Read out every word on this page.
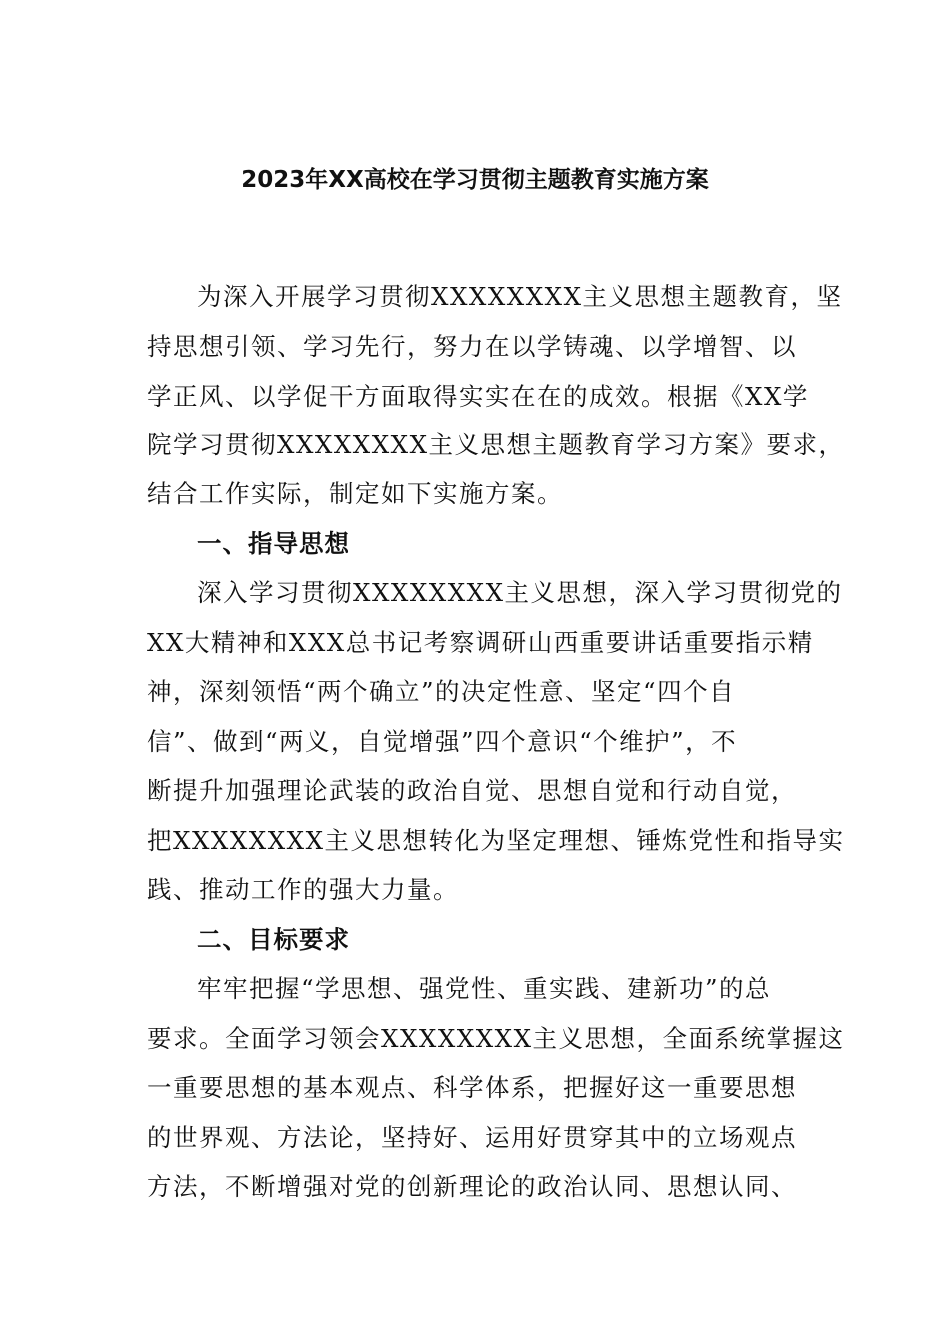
2023年XX高校在学习贯彻主题教育实施方案
为深入开展学习贯彻XXXXXXXX主义思想主题教育，坚
持思想引领、学习先行，努力在以学铸魂、以学增智、以
学正风、以学促干方面取得实实在在的成效。根据《XX学
院学习贯彻XXXXXXXX主义思想主题教育学习方案》要求，
结合工作实际，制定如下实施方案。
一、指导思想
深入学习贯彻XXXXXXXX主义思想，深入学习贯彻党的
XX大精神和XXX总书记考察调研山西重要讲话重要指示精
神，深刻领悟“两个确立”的决定性意、坚定“四个自
信”、做到“两义，自觉增强”四个意识“个维护”，不
断提升加强理论武装的政治自觉、思想自觉和行动自觉，
把XXXXXXXX主义思想转化为坚定理想、锤炼党性和指导实
践、推动工作的强大力量。
二、目标要求
牢牢把握“学思想、强党性、重实践、建新功”的总
要求。全面学习领会XXXXXXXX主义思想，全面系统掌握这
一重要思想的基本观点、科学体系，把握好这一重要思想
的世界观、方法论，坚持好、运用好贯穿其中的立场观点
方法，不断增强对党的创新理论的政治认同、思想认同、
